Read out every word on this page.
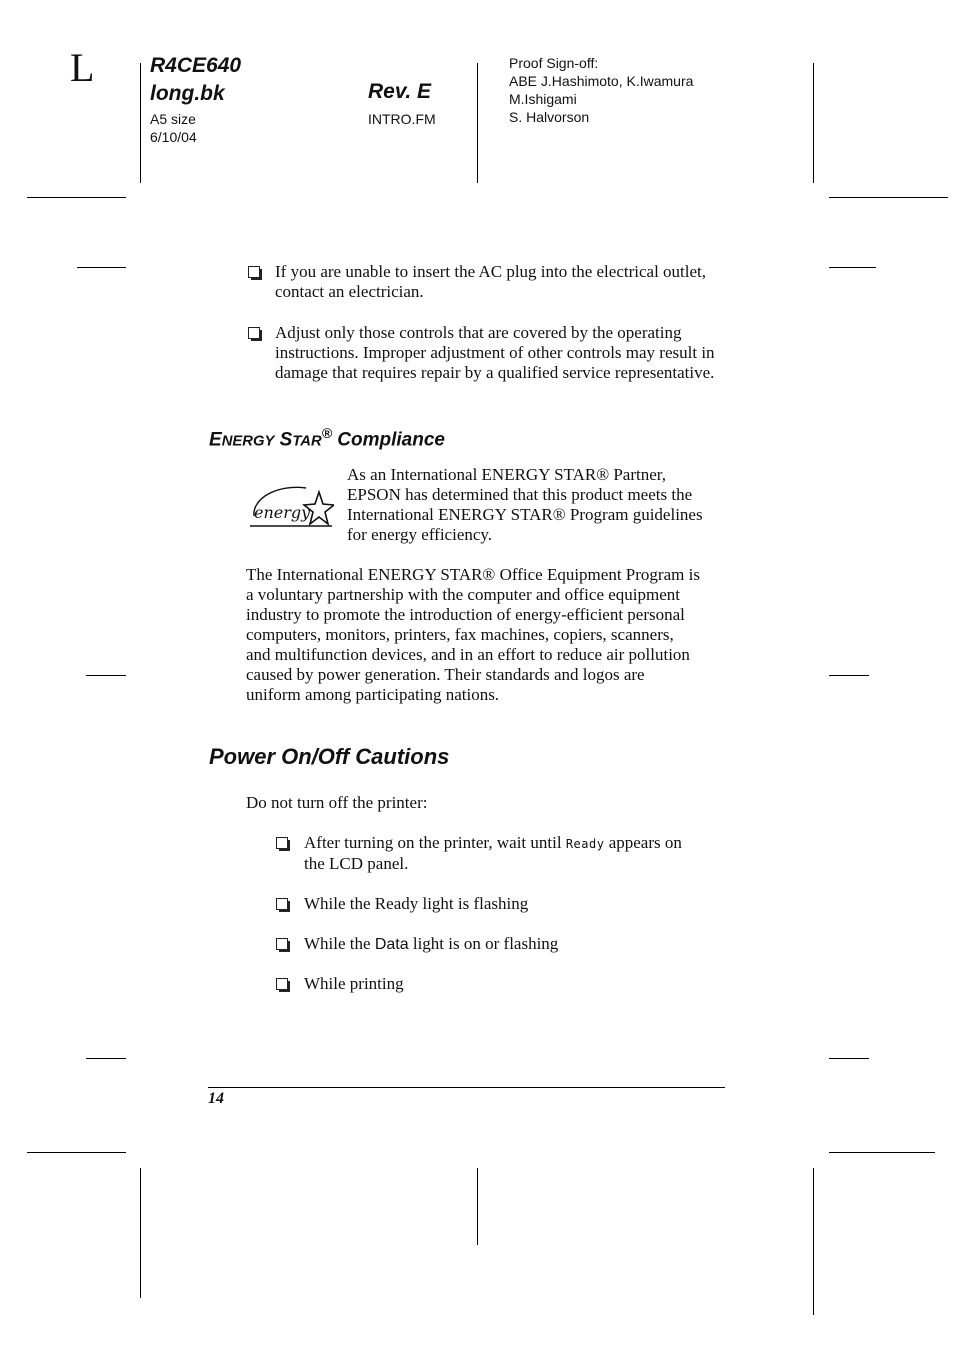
L	R4CE640
long.bk	Rev. E
A5 size
6/10/04
INTRO.FM
Proof Sign-off:
ABE J.Hashimoto, K.Iwamura
M.Ishigami
S. Halvorson
If you are unable to insert the AC plug into the electrical outlet, contact an electrician.
Adjust only those controls that are covered by the operating instructions. Improper adjustment of other controls may result in damage that requires repair by a qualified service representative.
ENERGY STAR® Compliance
energy
As an International ENERGY STAR® Partner,
EPSON has determined that this product meets the
International ENERGY STAR® Program guidelines
for energy efficiency.
The International ENERGY STAR® Office Equipment Program is
a voluntary partnership with the computer and office equipment
industry to promote the introduction of energy-efficient personal
computers, monitors, printers, fax machines, copiers, scanners,
and multifunction devices, and in an effort to reduce air pollution
caused by power generation. Their standards and logos are
uniform among participating nations.
Power On/Off Cautions
Do not turn off the printer:
After turning on the printer, wait until Ready appears on
the LCD panel.
While the Ready light is flashing
While the Data light is on or flashing
While printing
14
